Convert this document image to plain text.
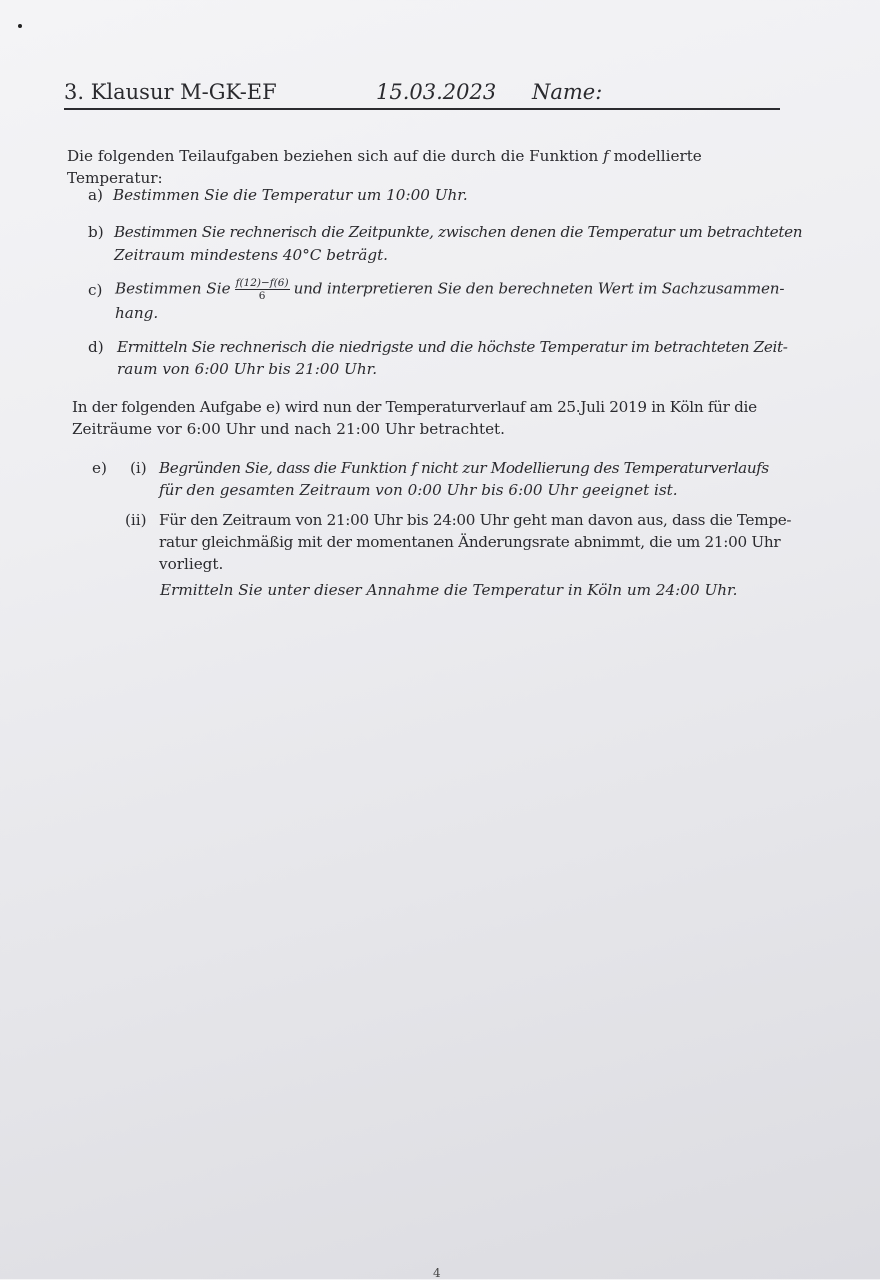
3. Klausur M-GK-EF	15.03.2023 Name:
Die folgenden Teilaufgaben beziehen sich auf die durch die Funktion f modellierte Temperatur:
a) Bestimmen Sie die Temperatur um 10:00 Uhr.
b) Bestimmen Sie rechnerisch die Zeitpunkte, zwischen denen die Temperatur um betrachteten
Zeitraum mindestens 40°C beträgt.
c) Bestimmen Sie $\frac{f(12)-f(6)}{6}$ und interpretieren Sie den berechneten Wert im Sachzusammen-
hang.
d) Ermitteln Sie rechnerisch die niedrigste und die höchste Temperatur im betrachteten Zeit-
raum von 6:00 Uhr bis 21:00 Uhr.
In der folgenden Aufgabe e) wird nun der Temperaturverlauf am 25.Juli 2019 in Köln für die
Zeiträume vor 6:00 Uhr und nach 21:00 Uhr betrachtet.
e) (i) Begründen Sie, dass die Funktion f nicht zur Modellierung des Temperaturverlaufs
für den gesamten Zeitraum von 0:00 Uhr bis 6:00 Uhr geeignet ist.
(ii) Für den Zeitraum von 21:00 Uhr bis 24:00 Uhr geht man davon aus, dass die Tempe-
ratur gleichmäßig mit der momentanen Änderungsrate abnimmt, die um 21:00 Uhr
vorliegt.
Ermitteln Sie unter dieser Annahme die Temperatur in Köln um 24:00 Uhr.
4
